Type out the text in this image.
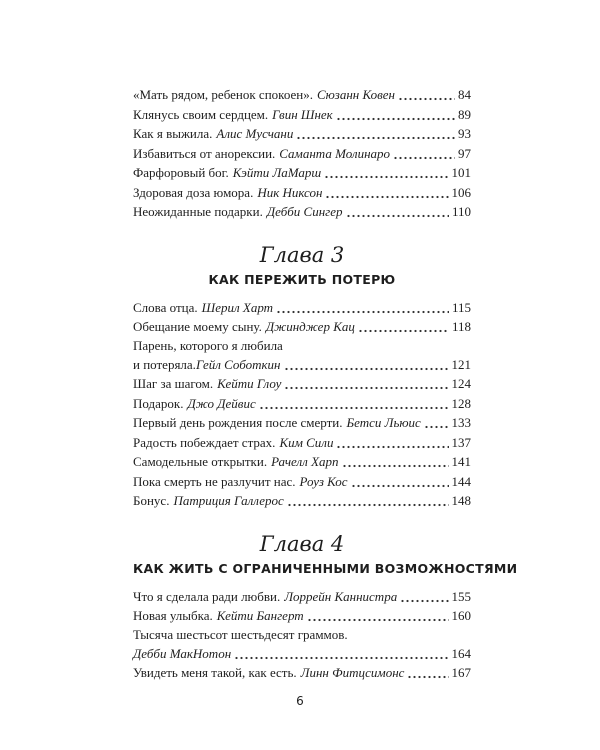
«Мать рядом, ребенок спокоен». Сюзанн Ковен	84
Клянусь своим сердцем. Гвин Шнек	89
Как я выжила. Алис Мусчани	93
Избавиться от анорексии. Саманта Молинаро	97
Фарфоровый бог. Кэйти ЛаМарш	101
Здоровая доза юмора. Ник Никсон	106
Неожиданные подарки. Дебби Сингер	110
Глава 3
КАК ПЕРЕЖИТЬ ПОТЕРЮ
Слова отца. Шерил Харт	115
Обещание моему сыну. Джинджер Кац	118
Парень, которого я любила
и потеряла. Гейл Соботкин	121
Шаг за шагом. Кейти Глоу	124
Подарок. Джо Дейвис	128
Первый день рождения после смерти. Бетси Льюис 133
Радость побеждает страх. Ким Сили	137
Самодельные открытки. Рачелл Харп	141
Пока смерть не разлучит нас. Роуз Кос	144
Бонус. Патриция Галлерос	148
Глава 4
КАК ЖИТЬ С ОГРАНИЧЕННЫМИ ВОЗМОЖНОСТЯМИ
Что я сделала ради любви. Лоррейн Каннистра	155
Новая улыбка. Кейти Бангерт	160
Тысяча шестьсот шестьдесят граммов.
Дебби МакНотон	164
Увидеть меня такой, как есть. Линн Фитцсимонс	167
6
